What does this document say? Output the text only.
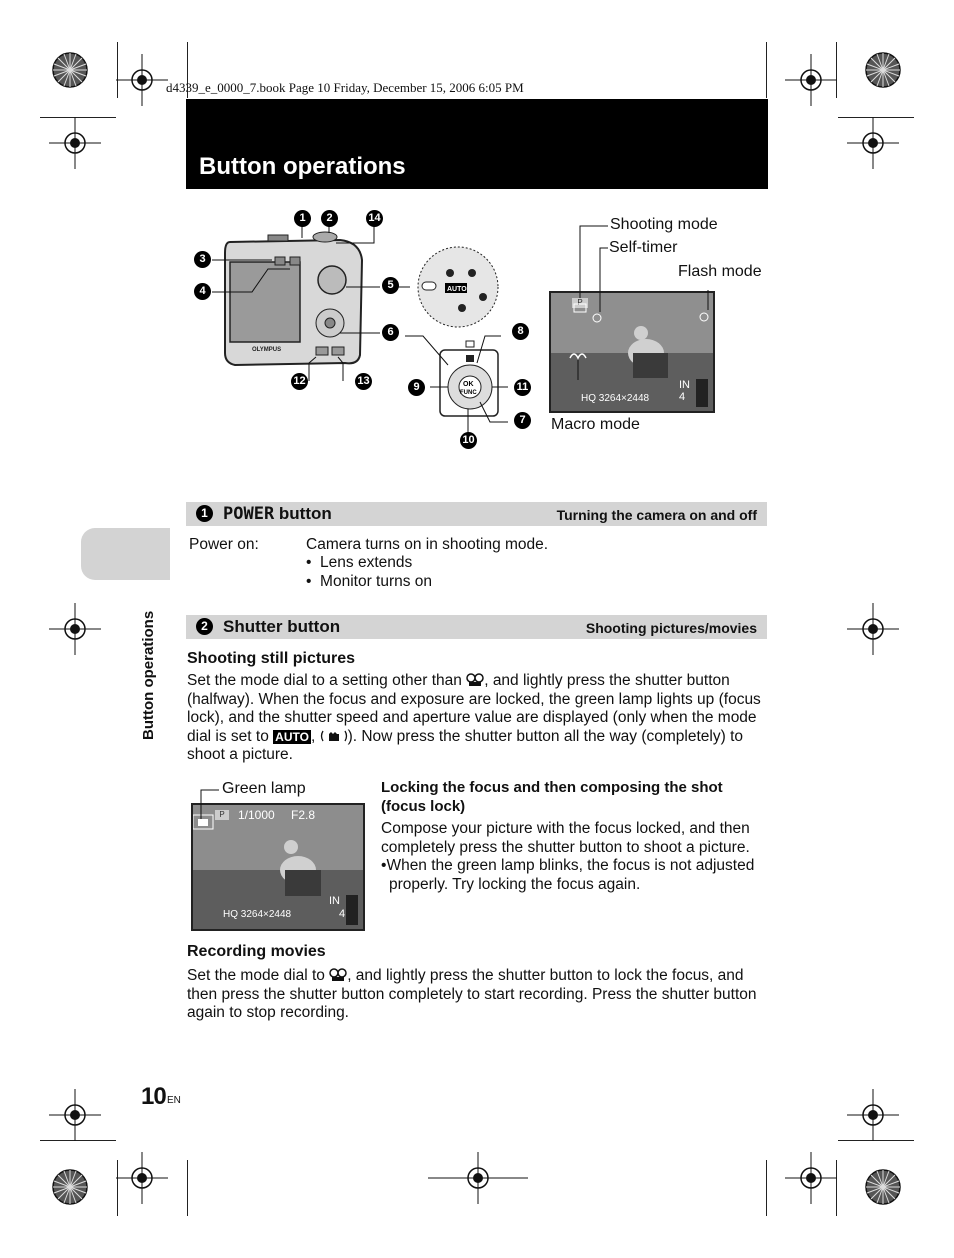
d4339_e_0000_7.book Page 10 Friday, December 15, 2006 6:05 PM
Button operations
Button operations
OLYMPUS
AUTO
OK
FUNC
1	2	14
3
4	5
6
12	13
8
9	11
7
10
P
IN
4
HQ 3264×2448
Shooting mode
Self-timer
Flash mode
Macro mode
1 POWER button	Turning the camera on and off
Power on:	Camera turns on in shooting mode.
•  Lens extends
•  Monitor turns on
2 Shutter button	Shooting pictures/movies
Shooting still pictures
Set the mode dial to a setting other than , and lightly press the shutter button (halfway). When the focus and exposure are locked, the green lamp lights up (focus lock), and the shutter speed and aperture value are displayed (only when the mode dial is set to AUTO , ). Now press the shutter button all the way (completely) to shoot a picture.
P	1/1000 F2.8
IN
4
HQ 3264×2448
Green lamp	Locking the focus and then composing the shot (focus lock)
Compose your picture with the focus locked, and then completely press the shutter button to shoot a picture.
•When the green lamp blinks, the focus is not adjusted properly. Try locking the focus again.
Recording movies
Set the mode dial to , and lightly press the shutter button to lock the focus, and then press the shutter button completely to start recording. Press the shutter button again to stop recording.
10 EN
